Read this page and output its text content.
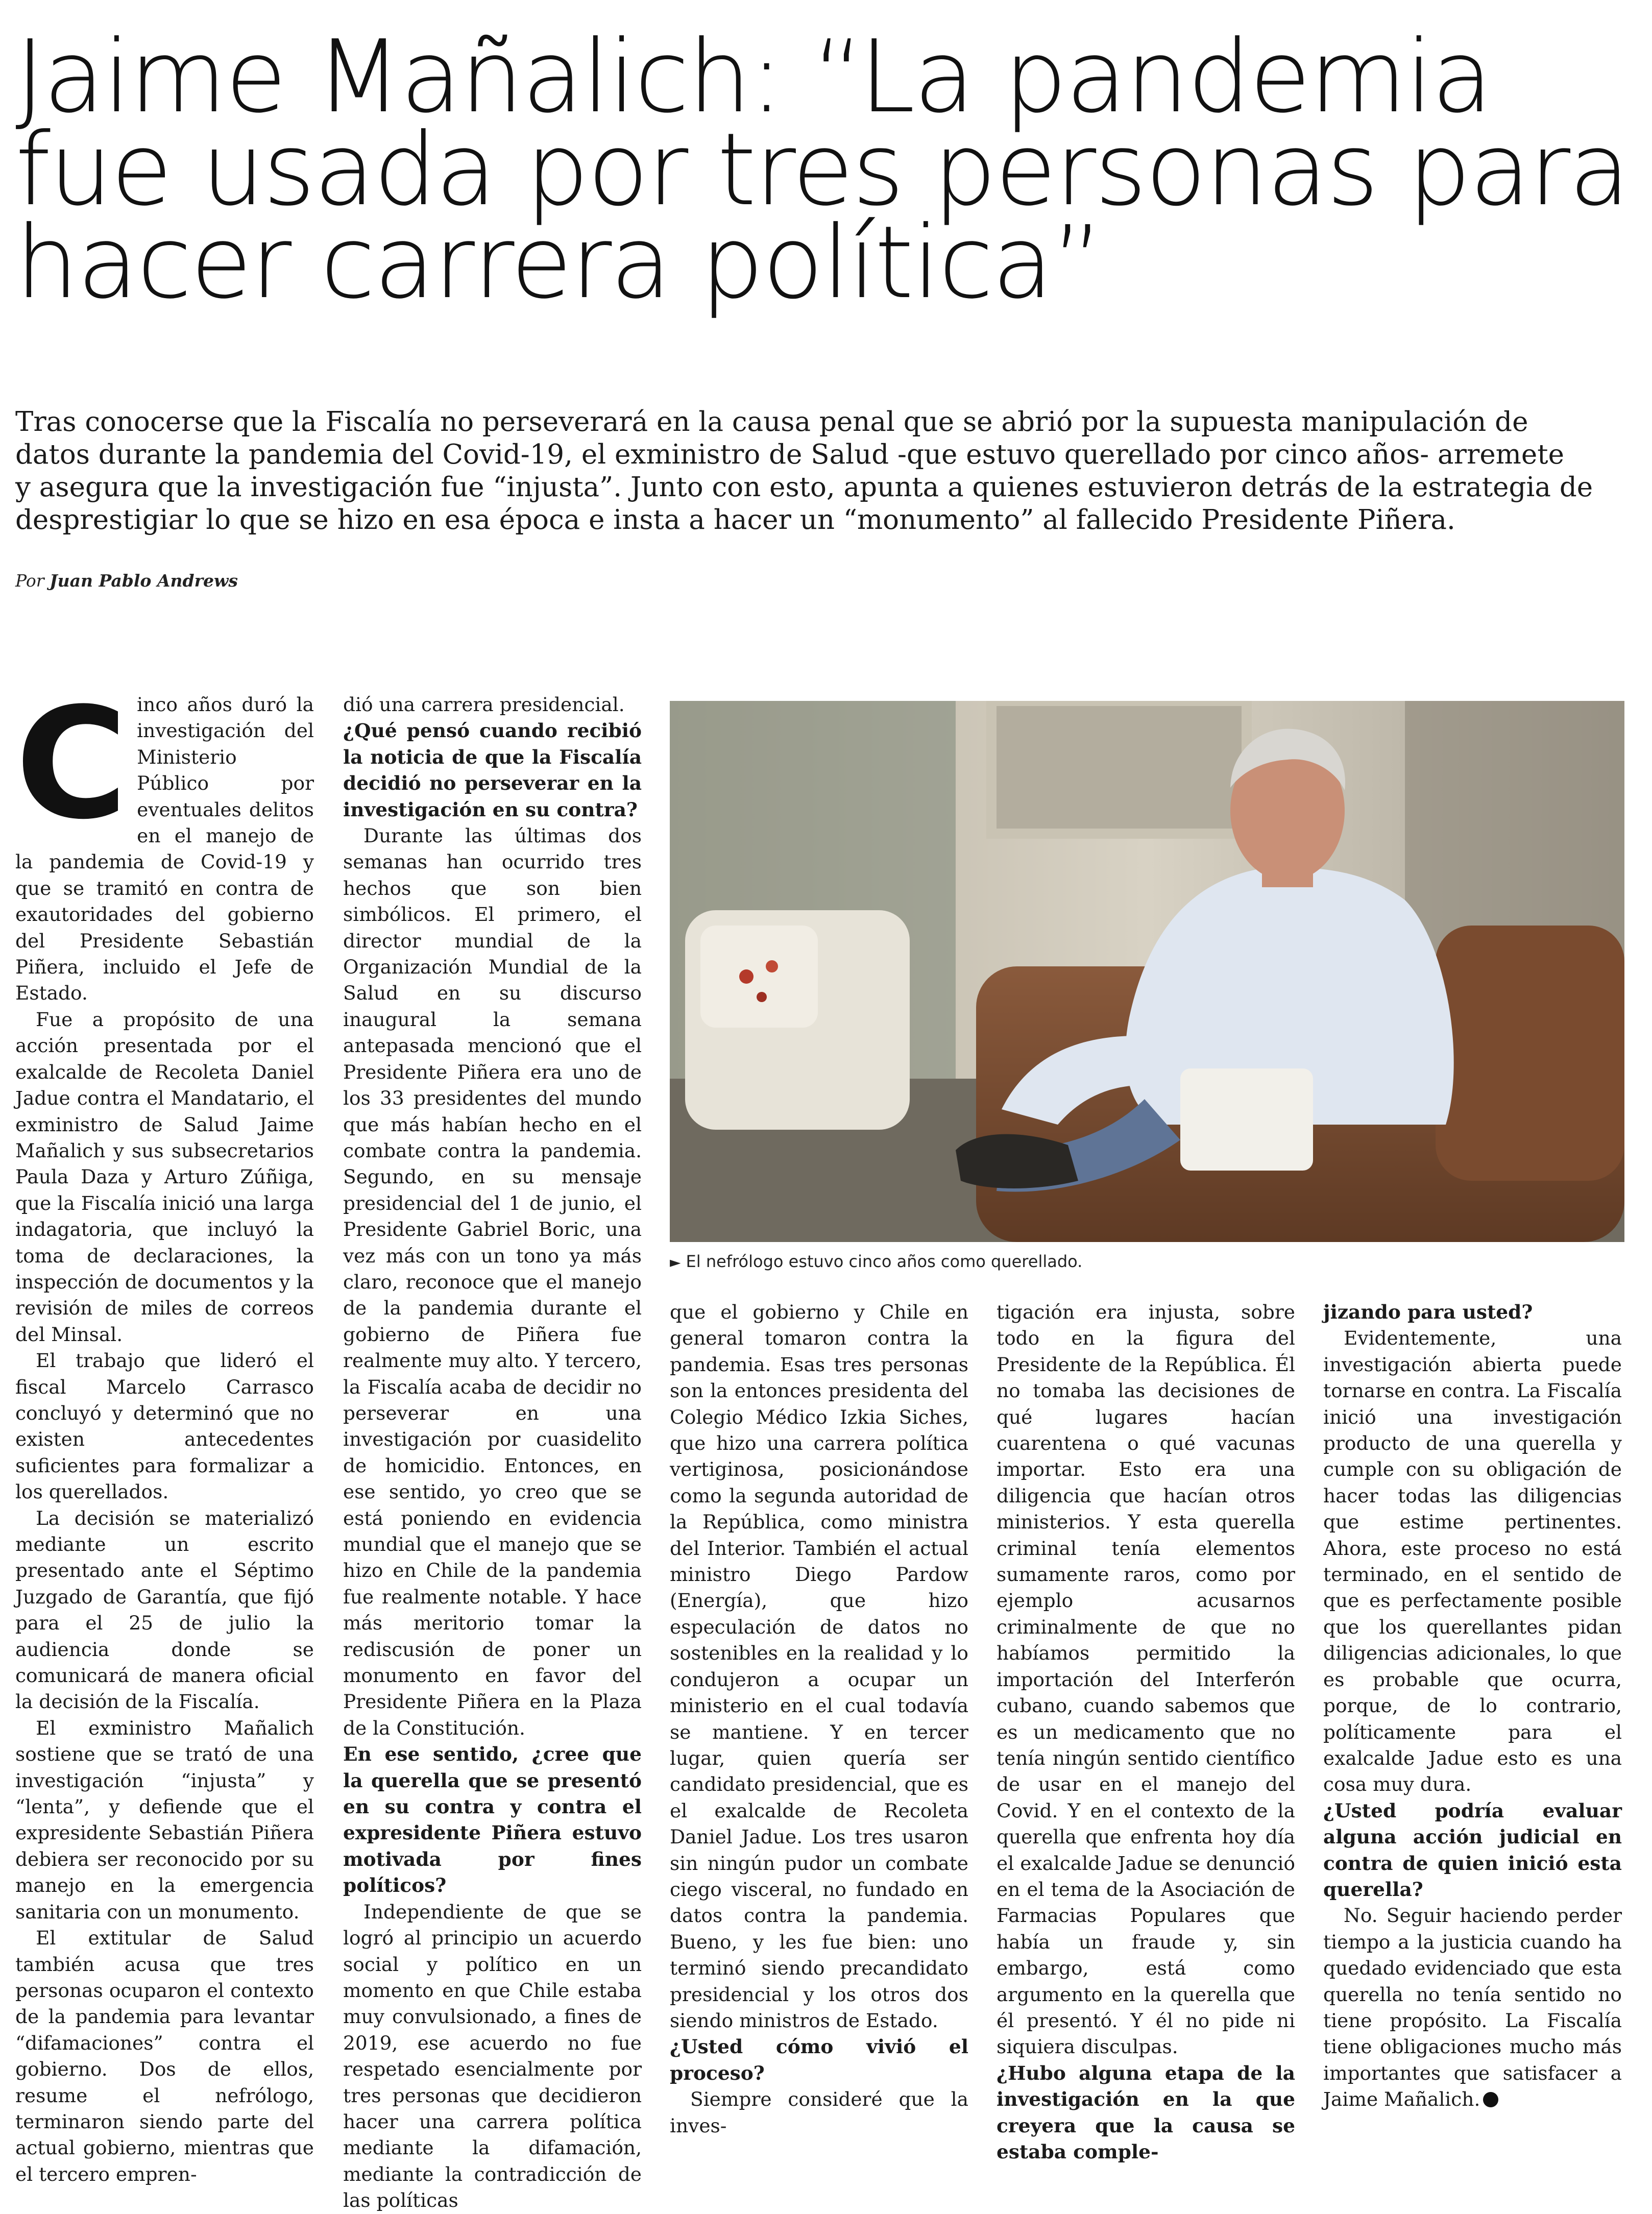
Jaime Mañalich: “La pandemia
fue usada por tres personas para
hacer carrera política”

Tras conocerse que la Fiscalía no perseverará en la causa penal que se abrió por la supuesta manipulación de
datos durante la pandemia del Covid-19, el exministro de Salud -que estuvo querellado por cinco años- arremete
y asegura que la investigación fue “injusta”. Junto con esto, apunta a quienes estuvieron detrás de la estrategia de
desprestigiar lo que se hizo en esa época e insta a hacer un “monumento” al fallecido Presidente Piñera.

Por Juan Pablo Andrews

Cinco años duró la investigación del Ministerio Público por eventuales delitos en el manejo de la pandemia de Covid-19 y que se tramitó en contra de exautoridades del gobierno del Presidente Sebastián Piñera, incluido el Jefe de Estado.

Fue a propósito de una acción presentada por el exalcalde de Recoleta Daniel Jadue contra el Mandatario, el exministro de Salud Jaime Mañalich y sus subsecretarios Paula Daza y Arturo Zúñiga, que la Fiscalía inició una larga indagatoria, que incluyó la toma de declaraciones, la inspección de documentos y la revisión de miles de correos del Minsal.

El trabajo que lideró el fiscal Marcelo Carrasco concluyó y determinó que no existen antecedentes suficientes para formalizar a los querellados.

La decisión se materializó mediante un escrito presentado ante el Séptimo Juzgado de Garantía, que fijó para el 25 de julio la audiencia donde se comunicará de manera oficial la decisión de la Fiscalía.

El exministro Mañalich sostiene que se trató de una investigación “injusta” y “lenta”, y defiende que el expresidente Sebastián Piñera debiera ser reconocido por su manejo en la emergencia sanitaria con un monumento.

El extitular de Salud también acusa que tres personas ocuparon el contexto de la pandemia para levantar “difamaciones” contra el gobierno. Dos de ellos, resume el nefrólogo, terminaron siendo parte del actual gobierno, mientras que el tercero empren-

dió una carrera presidencial.

¿Qué pensó cuando recibió la noticia de que la Fiscalía decidió no perseverar en la investigación en su contra?

Durante las últimas dos semanas han ocurrido tres hechos que son bien simbólicos. El primero, el director mundial de la Organización Mundial de la Salud en su discurso inaugural la semana antepasada mencionó que el Presidente Piñera era uno de los 33 presidentes del mundo que más habían hecho en el combate contra la pandemia. Segundo, en su mensaje presidencial del 1 de junio, el Presidente Gabriel Boric, una vez más con un tono ya más claro, reconoce que el manejo de la pandemia durante el gobierno de Piñera fue realmente muy alto. Y tercero, la Fiscalía acaba de decidir no perseverar en una investigación por cuasidelito de homicidio. Entonces, en ese sentido, yo creo que se está poniendo en evidencia mundial que el manejo que se hizo en Chile de la pandemia fue realmente notable. Y hace más meritorio tomar la rediscusión de poner un monumento en favor del Presidente Piñera en la Plaza de la Constitución.

En ese sentido, ¿cree que la querella que se presentó en su contra y contra el expresidente Piñera estuvo motivada por fines políticos?

Independiente de que se logró al principio un acuerdo social y político en un momento en que Chile estaba muy convulsionado, a fines de 2019, ese acuerdo no fue respetado esencialmente por tres personas que decidieron hacer una carrera política mediante la difamación, mediante la contradicción de las políticas

► El nefrólogo estuvo cinco años como querellado.

que el gobierno y Chile en general tomaron contra la pandemia. Esas tres personas son la entonces presidenta del Colegio Médico Izkia Siches, que hizo una carrera política vertiginosa, posicionándose como la segunda autoridad de la República, como ministra del Interior. También el actual ministro Diego Pardow (Energía), que hizo especulación de datos no sostenibles en la realidad y lo condujeron a ocupar un ministerio en el cual todavía se mantiene. Y en tercer lugar, quien quería ser candidato presidencial, que es el exalcalde de Recoleta Daniel Jadue. Los tres usaron sin ningún pudor un combate ciego visceral, no fundado en datos contra la pandemia. Bueno, y les fue bien: uno terminó siendo precandidato presidencial y los otros dos siendo ministros de Estado.

¿Usted cómo vivió el proceso?

Siempre consideré que la inves-

tigación era injusta, sobre todo en la figura del Presidente de la República. Él no tomaba las decisiones de qué lugares hacían cuarentena o qué vacunas importar. Esto era una diligencia que hacían otros ministerios. Y esta querella criminal tenía elementos sumamente raros, como por ejemplo acusarnos criminalmente de que no habíamos permitido la importación del Interferón cubano, cuando sabemos que es un medicamento que no tenía ningún sentido científico de usar en el manejo del Covid. Y en el contexto de la querella que enfrenta hoy día el exalcalde Jadue se denunció en el tema de la Asociación de Farmacias Populares que había un fraude y, sin embargo, está como argumento en la querella que él presentó. Y él no pide ni siquiera disculpas.

¿Hubo alguna etapa de la investigación en la que creyera que la causa se estaba comple-

jizando para usted?

Evidentemente, una investigación abierta puede tornarse en contra. La Fiscalía inició una investigación producto de una querella y cumple con su obligación de hacer todas las diligencias que estime pertinentes. Ahora, este proceso no está terminado, en el sentido de que es perfectamente posible que los querellantes pidan diligencias adicionales, lo que es probable que ocurra, porque, de lo contrario, políticamente para el exalcalde Jadue esto es una cosa muy dura.

¿Usted podría evaluar alguna acción judicial en contra de quien inició esta querella?

No. Seguir haciendo perder tiempo a la justicia cuando ha quedado evidenciado que esta querella no tenía sentido no tiene propósito. La Fiscalía tiene obligaciones mucho más importantes que satisfacer a Jaime Mañalich.
